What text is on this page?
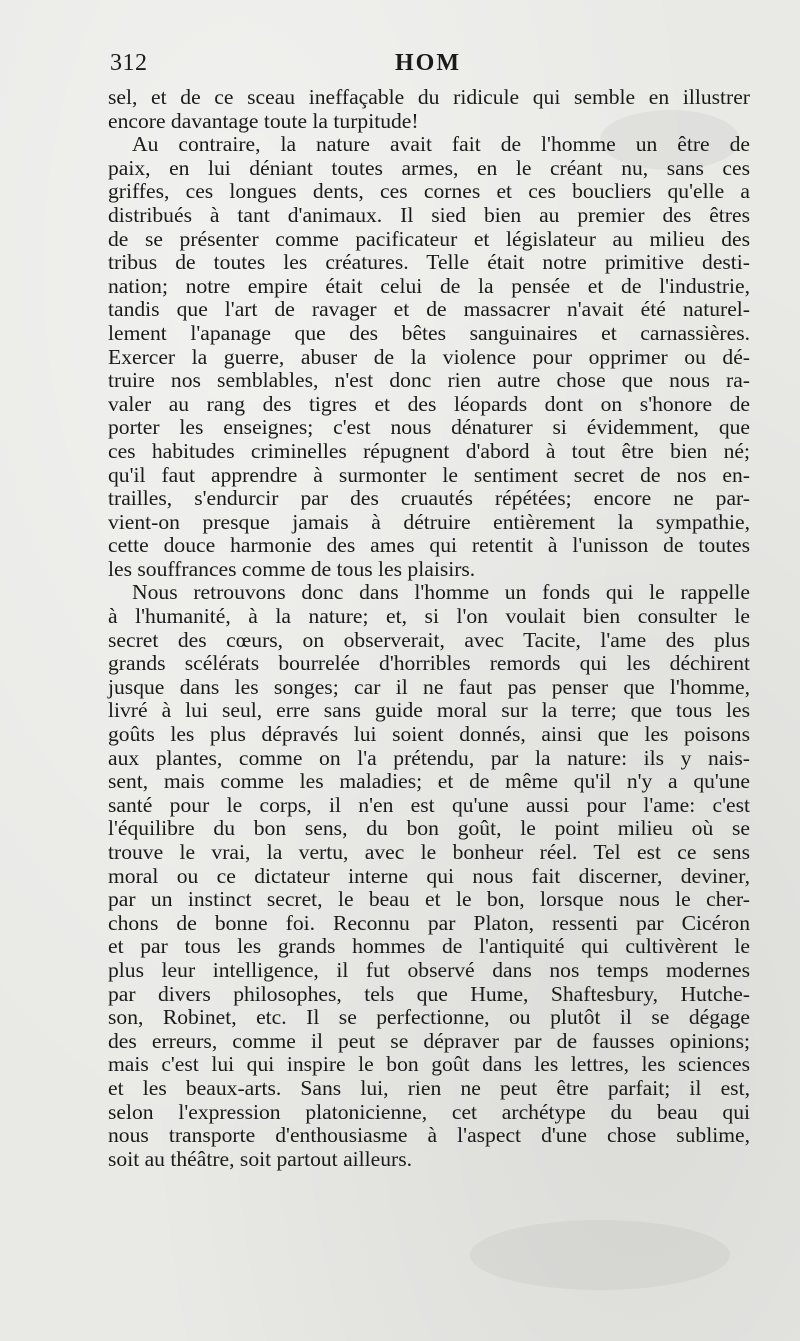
312	HOM
sel, et de ce sceau ineffaçable du ridicule qui semble en illustrer
encore davantage toute la turpitude!
Au contraire, la nature avait fait de l'homme un être de
paix, en lui déniant toutes armes, en le créant nu, sans ces
griffes, ces longues dents, ces cornes et ces boucliers qu'elle a
distribués à tant d'animaux. Il sied bien au premier des êtres
de se présenter comme pacificateur et législateur au milieu des
tribus de toutes les créatures. Telle était notre primitive desti-
nation; notre empire était celui de la pensée et de l'industrie,
tandis que l'art de ravager et de massacrer n'avait été naturel-
lement l'apanage que des bêtes sanguinaires et carnassières.
Exercer la guerre, abuser de la violence pour opprimer ou dé-
truire nos semblables, n'est donc rien autre chose que nous ra-
valer au rang des tigres et des léopards dont on s'honore de
porter les enseignes; c'est nous dénaturer si évidemment, que
ces habitudes criminelles répugnent d'abord à tout être bien né;
qu'il faut apprendre à surmonter le sentiment secret de nos en-
trailles, s'endurcir par des cruautés répétées; encore ne par-
vient-on presque jamais à détruire entièrement la sympathie,
cette douce harmonie des ames qui retentit à l'unisson de toutes
les souffrances comme de tous les plaisirs.
Nous retrouvons donc dans l'homme un fonds qui le rappelle
à l'humanité, à la nature; et, si l'on voulait bien consulter le
secret des cœurs, on observerait, avec Tacite, l'ame des plus
grands scélérats bourrelée d'horribles remords qui les déchirent
jusque dans les songes; car il ne faut pas penser que l'homme,
livré à lui seul, erre sans guide moral sur la terre; que tous les
goûts les plus dépravés lui soient donnés, ainsi que les poisons
aux plantes, comme on l'a prétendu, par la nature: ils y nais-
sent, mais comme les maladies; et de même qu'il n'y a qu'une
santé pour le corps, il n'en est qu'une aussi pour l'ame: c'est
l'équilibre du bon sens, du bon goût, le point milieu où se
trouve le vrai, la vertu, avec le bonheur réel. Tel est ce sens
moral ou ce dictateur interne qui nous fait discerner, deviner,
par un instinct secret, le beau et le bon, lorsque nous le cher-
chons de bonne foi. Reconnu par Platon, ressenti par Cicéron
et par tous les grands hommes de l'antiquité qui cultivèrent le
plus leur intelligence, il fut observé dans nos temps modernes
par divers philosophes, tels que Hume, Shaftesbury, Hutche-
son, Robinet, etc. Il se perfectionne, ou plutôt il se dégage
des erreurs, comme il peut se dépraver par de fausses opinions;
mais c'est lui qui inspire le bon goût dans les lettres, les sciences
et les beaux-arts. Sans lui, rien ne peut être parfait; il est,
selon l'expression platonicienne, cet archétype du beau qui
nous transporte d'enthousiasme à l'aspect d'une chose sublime,
soit au théâtre, soit partout ailleurs.
